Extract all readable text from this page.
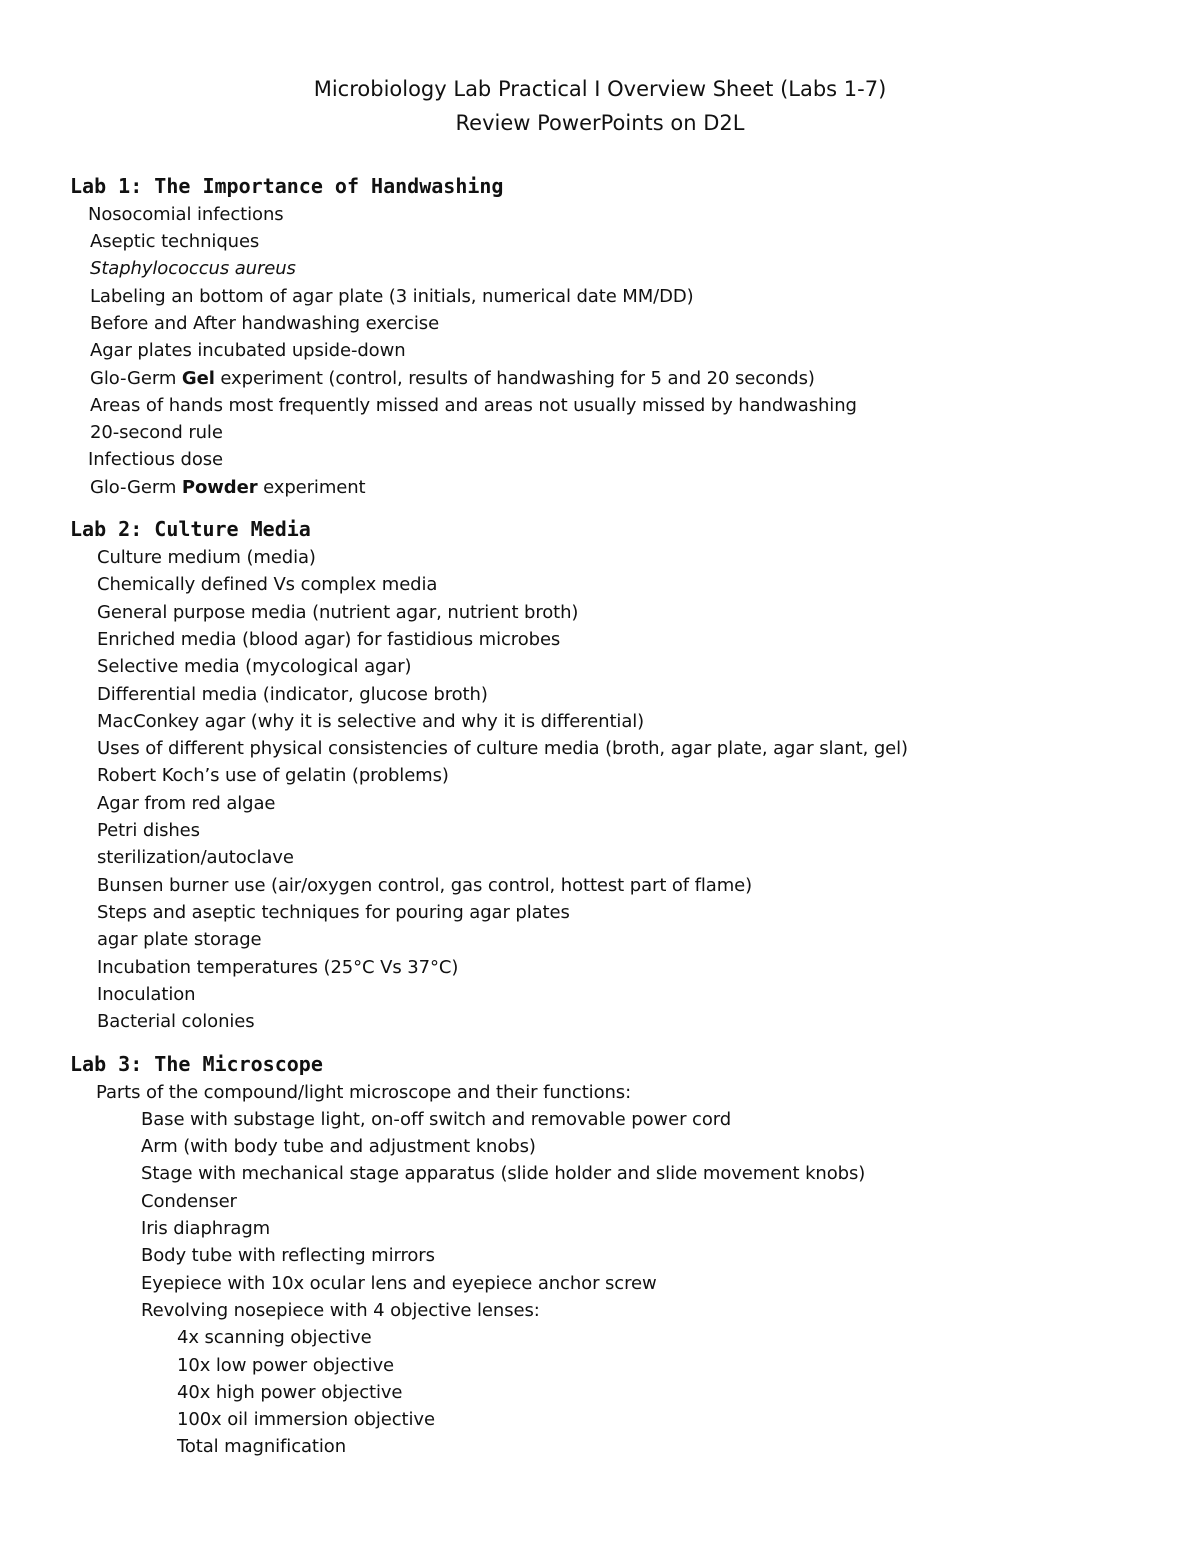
Microbiology Lab Practical I Overview Sheet (Labs 1-7)
Review PowerPoints on D2L
Lab 1: The Importance of Handwashing
Nosocomial infections
Aseptic techniques
Staphylococcus aureus
Labeling an bottom of agar plate (3 initials, numerical date MM/DD)
Before and After handwashing exercise
Agar plates incubated upside-down
Glo-Germ Gel experiment (control, results of handwashing for 5 and 20 seconds)
Areas of hands most frequently missed and areas not usually missed by handwashing
20-second rule
Infectious dose
Glo-Germ Powder experiment
Lab 2: Culture Media
Culture medium (media)
Chemically defined Vs complex media
General purpose media (nutrient agar, nutrient broth)
Enriched media (blood agar) for fastidious microbes
Selective media (mycological agar)
Differential media (indicator, glucose broth)
MacConkey agar (why it is selective and why it is differential)
Uses of different physical consistencies of culture media (broth, agar plate, agar slant, gel)
Robert Koch’s use of gelatin (problems)
Agar from red algae
Petri dishes
sterilization/autoclave
Bunsen burner use (air/oxygen control, gas control, hottest part of flame)
Steps and aseptic techniques for pouring agar plates
agar plate storage
Incubation temperatures (25°C Vs 37°C)
Inoculation
Bacterial colonies
Lab 3: The Microscope
Parts of the compound/light microscope and their functions:
Base with substage light, on-off switch and removable power cord
Arm (with body tube and adjustment knobs)
Stage with mechanical stage apparatus (slide holder and slide movement knobs)
Condenser
Iris diaphragm
Body tube with reflecting mirrors
Eyepiece with 10x ocular lens and eyepiece anchor screw
Revolving nosepiece with 4 objective lenses:
4x scanning objective
10x low power objective
40x high power objective
100x oil immersion objective
Total magnification
